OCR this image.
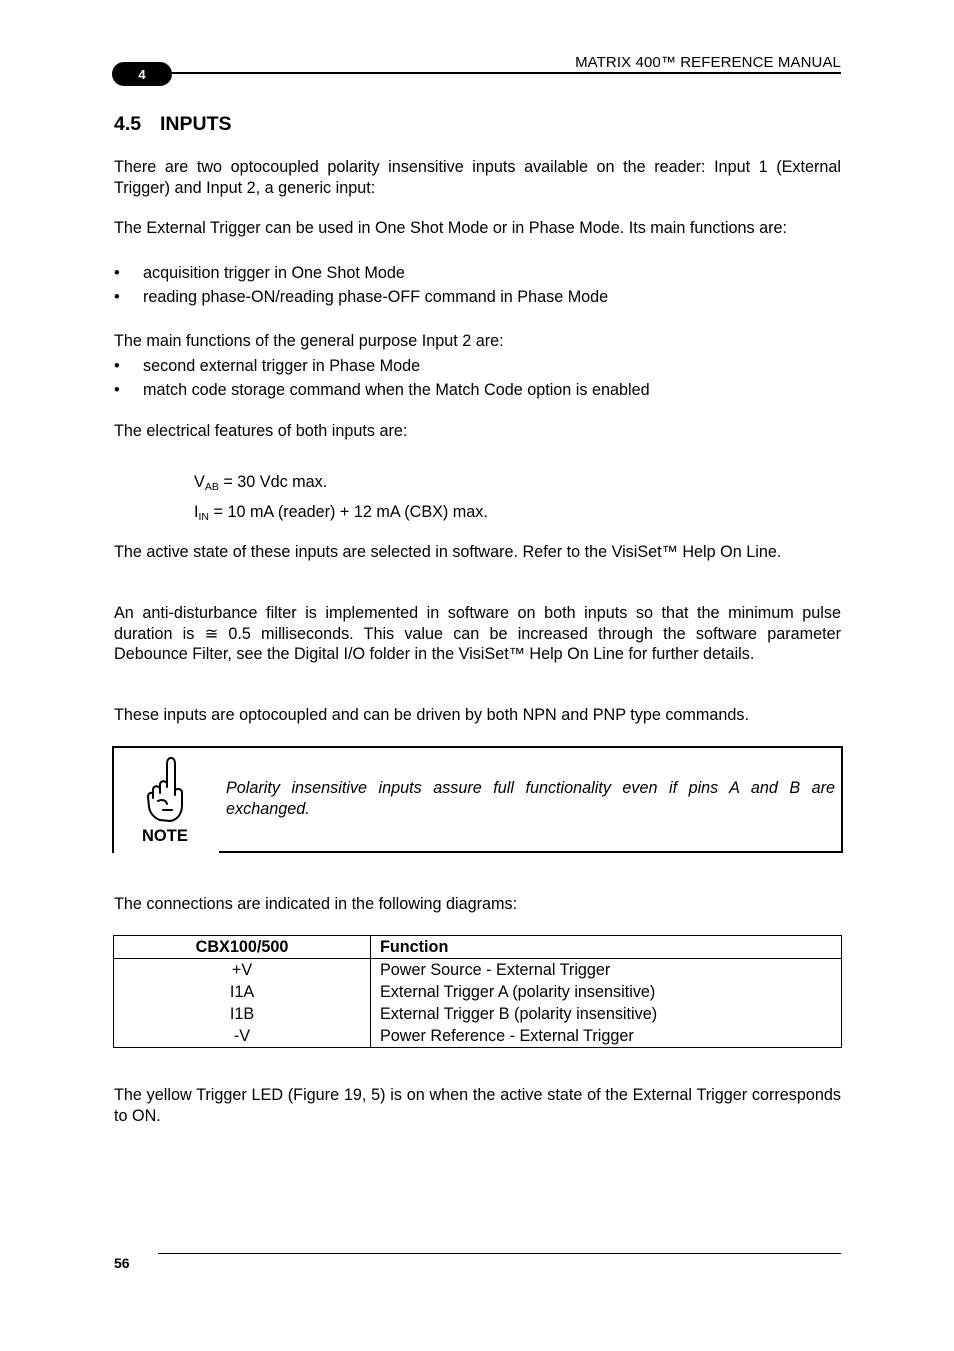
MATRIX 400™ REFERENCE MANUAL
4
4.5 INPUTS
There are two optocoupled polarity insensitive inputs available on the reader: Input 1 (External Trigger) and Input 2, a generic input:
The External Trigger can be used in One Shot Mode or in Phase Mode. Its main functions are:
• acquisition trigger in One Shot Mode
• reading phase-ON/reading phase-OFF command in Phase Mode
The main functions of the general purpose Input 2 are:
• second external trigger in Phase Mode
• match code storage command when the Match Code option is enabled
The electrical features of both inputs are:
$V_{AB} = 30$ Vdc max.
$I_{IN} = 10$ mA (reader) + 12 mA (CBX) max.
The active state of these inputs are selected in software. Refer to the VisiSet™ Help On Line.
An anti-disturbance filter is implemented in software on both inputs so that the minimum pulse duration is ≅ 0.5 milliseconds. This value can be increased through the software parameter Debounce Filter, see the Digital I/O folder in the VisiSet™ Help On Line for further details.
These inputs are optocoupled and can be driven by both NPN and PNP type commands.
NOTE
Polarity insensitive inputs assure full functionality even if pins A and B are exchanged.
The connections are indicated in the following diagrams:
CBX100/500	Function
+V	Power Source - External Trigger
I1A	External Trigger A (polarity insensitive)
I1B	External Trigger B (polarity insensitive)
-V	Power Reference - External Trigger
The yellow Trigger LED (Figure 19, 5) is on when the active state of the External Trigger corresponds to ON.
56
